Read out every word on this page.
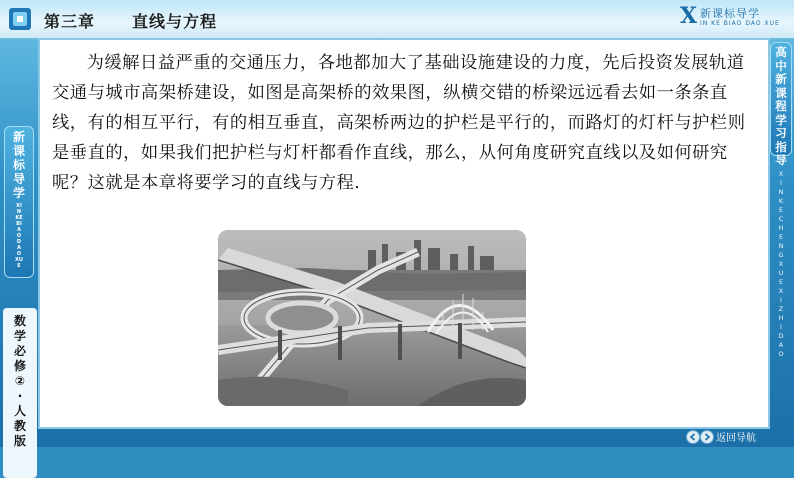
第三章 直线与方程	X 新课标导学
IN KE BIAO DAO XUE
新课标导学
XIN KE BIAO DAO XUE
数学必修②·人教版
高中新课程学习指导
XIN KE CHENG XUE XI ZHI DAO

为缓解日益严重的交通压力，各地都加大了基础设施建设的力度，先后投资发展轨道交通与城市高架桥建设，如图是高架桥的效果图，纵横交错的桥梁远远看去如一条条直线，有的相互平行，有的相互垂直，高架桥两边的护栏是平行的，而路灯的灯杆与护栏则是垂直的，如果我们把护栏与灯杆都看作直线，那么，从何角度研究直线以及如何研究呢？这就是本章将要学习的直线与方程.

返回导航
